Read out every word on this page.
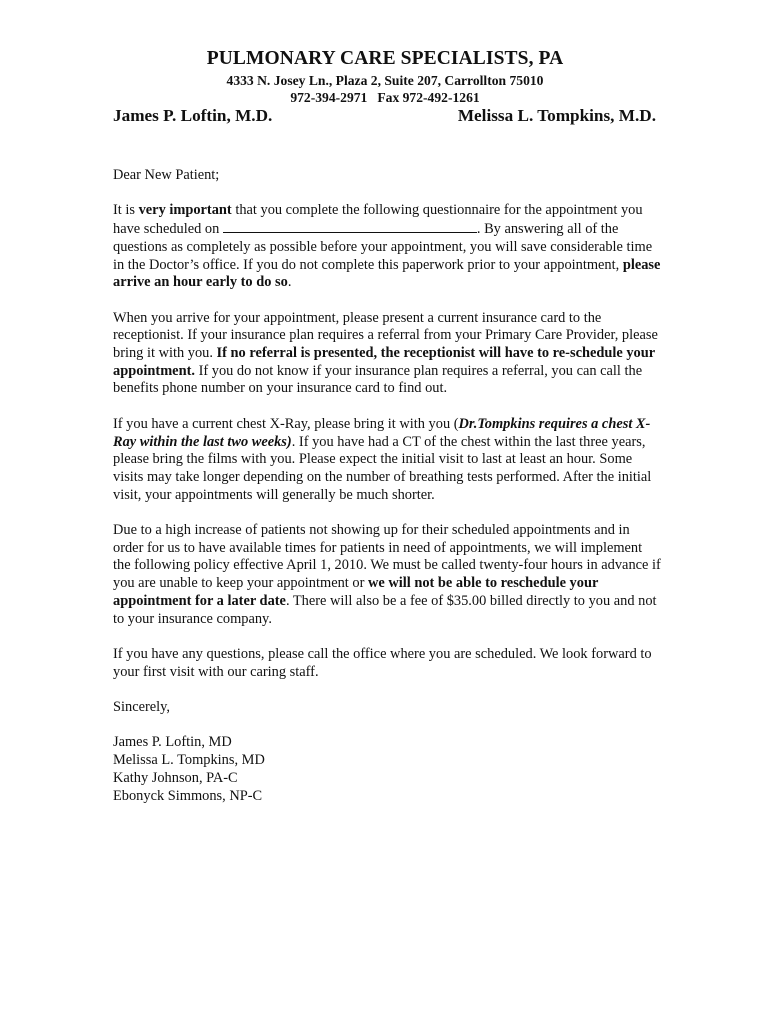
PULMONARY CARE SPECIALISTS, PA
4333 N. Josey Ln., Plaza 2, Suite 207, Carrollton 75010
972-394-2971 Fax 972-492-1261
James P. Loftin, M.D.	Melissa L. Tompkins, M.D.

Dear New Patient;

It is very important that you complete the following questionnaire for the appointment you have scheduled on	. By answering all of the questions as completely as possible before your appointment, you will save considerable time in the Doctor’s office. If you do not complete this paperwork prior to your appointment, please arrive an hour early to do so.

When you arrive for your appointment, please present a current insurance card to the receptionist. If your insurance plan requires a referral from your Primary Care Provider, please bring it with you. If no referral is presented, the receptionist will have to re-schedule your appointment. If you do not know if your insurance plan requires a referral, you can call the benefits phone number on your insurance card to find out.

If you have a current chest X-Ray, please bring it with you (Dr.Tompkins requires a chest X-Ray within the last two weeks). If you have had a CT of the chest within the last three years, please bring the films with you. Please expect the initial visit to last at least an hour. Some visits may take longer depending on the number of breathing tests performed. After the initial visit, your appointments will generally be much shorter.

Due to a high increase of patients not showing up for their scheduled appointments and in order for us to have available times for patients in need of appointments, we will implement the following policy effective April 1, 2010. We must be called twenty-four hours in advance if you are unable to keep your appointment or we will not be able to reschedule your appointment for a later date. There will also be a fee of $35.00 billed directly to you and not to your insurance company.

If you have any questions, please call the office where you are scheduled. We look forward to your first visit with our caring staff.

Sincerely,

James P. Loftin, MD
Melissa L. Tompkins, MD
Kathy Johnson, PA-C
Ebonyck Simmons, NP-C
